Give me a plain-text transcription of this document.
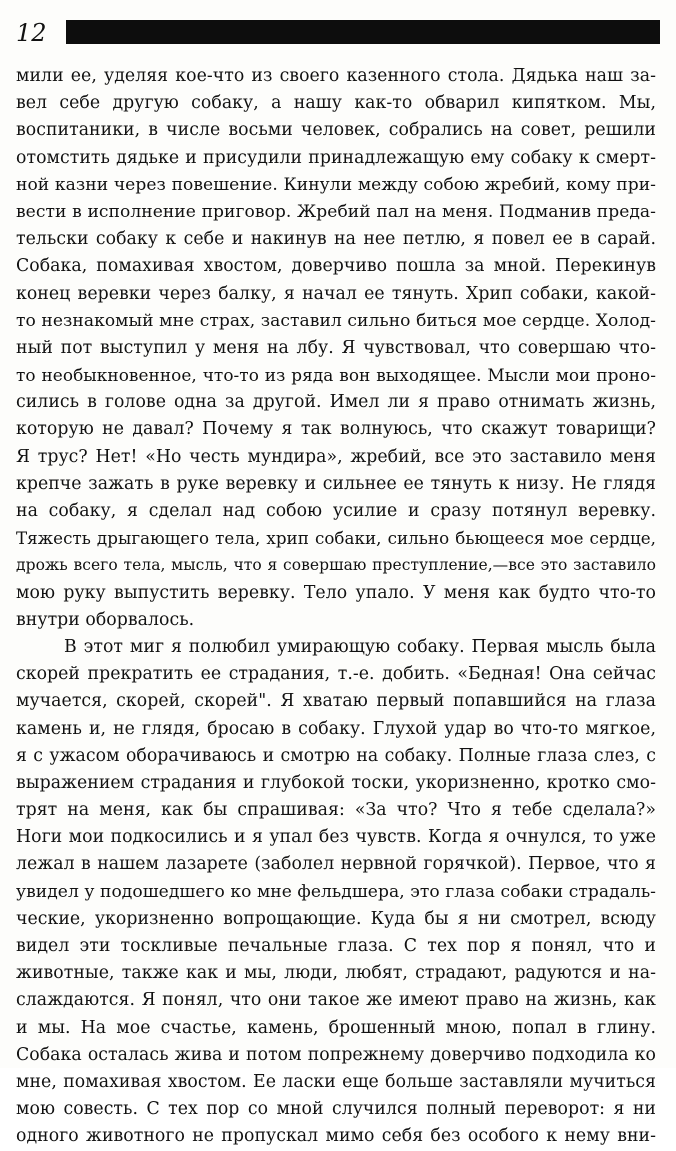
12
мили ее, уделяя кое-что из своего казенного стола. Дядька наш за-
вел себе другую собаку, а нашу как-то обварил кипятком. Мы,
воспитаники, в числе восьми человек, собрались на совет, решили
отомстить дядьке и присудили принадлежащую ему собаку к смерт-
ной казни через повешение. Кинули между собою жребий, кому при-
вести в исполнение приговор. Жребий пал на меня. Подманив преда-
тельски собаку к себе и накинув на нее петлю, я повел ее в сарай.
Собака, помахивая хвостом, доверчиво пошла за мной. Перекинув
конец веревки через балку, я начал ее тянуть. Хрип собаки, какой-
то незнакомый мне страх, заставил сильно биться мое сердце. Холод-
ный пот выступил у меня на лбу. Я чувствовал, что совершаю что-
то необыкновенное, что-то из ряда вон выходящее. Мысли мои проно-
сились в голове одна за другой. Имел ли я право отнимать жизнь,
которую не давал? Почему я так волнуюсь, что скажут товарищи?
Я трус? Нет! «Но честь мундира», жребий, все это заставило меня
крепче зажать в руке веревку и сильнее ее тянуть к низу. Не глядя
на собаку, я сделал над собою усилие и сразу потянул веревку.
Тяжесть дрыгающего тела, хрип собаки, сильно бьющееся мое сердце,
дрожь всего тела, мысль, что я совершаю преступление,—все это заставило
мою руку выпустить веревку. Тело упало. У меня как будто что-то
внутри оборвалось.
В этот миг я полюбил умирающую собаку. Первая мысль была
скорей прекратить ее страдания, т.-е. добить. «Бедная! Она сейчас
мучается, скорей, скорей". Я хватаю первый попавшийся на глаза
камень и, не глядя, бросаю в собаку. Глухой удар во что-то мягкое,
я с ужасом оборачиваюсь и смотрю на собаку. Полные глаза слез, с
выражением страдания и глубокой тоски, укоризненно, кротко смо-
трят на меня, как бы спрашивая: «За что? Что я тебе сделала?»
Ноги мои подкосились и я упал без чувств. Когда я очнулся, то уже
лежал в нашем лазарете (заболел нервной горячкой). Первое, что я
увидел у подошедшего ко мне фельдшера, это глаза собаки страдаль-
ческие, укоризненно вопрощающие. Куда бы я ни смотрел, всюду
видел эти тоскливые печальные глаза. С тех пор я понял, что и
животные, также как и мы, люди, любят, страдают, радуются и на-
слаждаются. Я понял, что они такое же имеют право на жизнь, как
и мы. На мое счастье, камень, брошенный мною, попал в глину.
Собака осталась жива и потом попрежнему доверчиво подходила ко
мне, помахивая хвостом. Ее ласки еще больше заставляли мучиться
мою совесть. С тех пор со мной случился полный переворот: я ни
одного животного не пропускал мимо себя без особого к нему вни-
